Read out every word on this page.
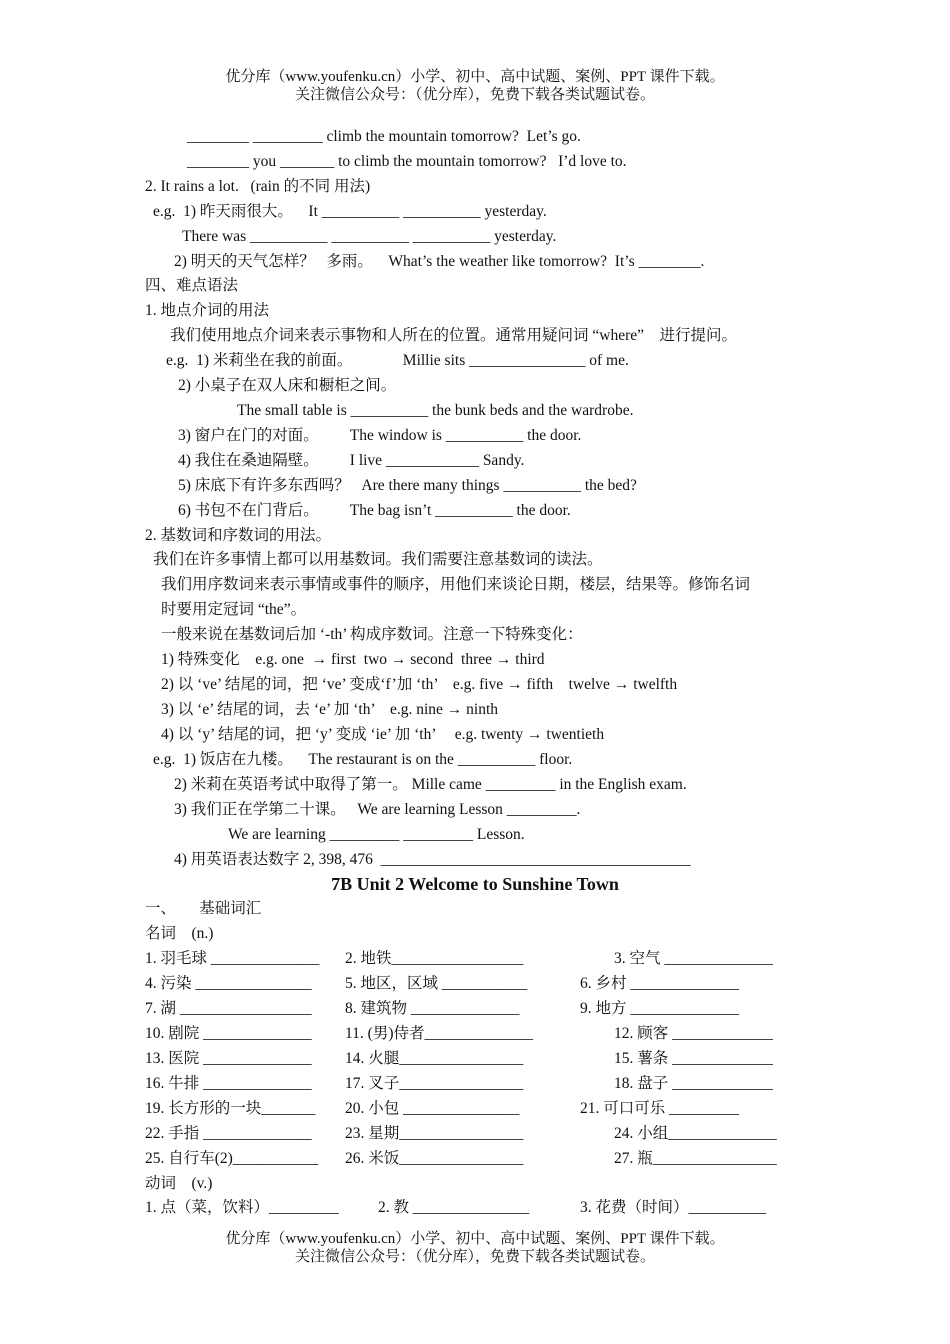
优分库（www.youfenku.cn）小学、初中、高中试题、案例、PPT 课件下载。
关注微信公众号：（优分库），免费下载各类试题试卷。
________ _________ climb the mountain tomorrow?  Let’s go.
________ you _______ to climb the mountain tomorrow?   I’d love to.
2. It rains a lot.   (rain 的不同 用法)
e.g.  1) 昨天雨很大。    It __________ __________ yesterday.
There was __________ __________ __________ yesterday.
2) 明天的天气怎样？   多雨。    What’s the weather like tomorrow?  It’s ________.
四、难点语法
1. 地点介词的用法
我们使用地点介词来表示事物和人所在的位置。通常用疑问词 “where”    进行提问。
e.g.  1) 米莉坐在我的前面。             Millie sits _______________ of me.
2) 小桌子在双人床和橱柜之间。
The small table is __________ the bunk beds and the wardrobe.
3) 窗户在门的对面。        The window is __________ the door.
4) 我住在桑迪隔壁。        I live ____________ Sandy.
5) 床底下有许多东西吗？   Are there many things __________ the bed?
6) 书包不在门背后。        The bag isn’t __________ the door.
2. 基数词和序数词的用法。
我们在许多事情上都可以用基数词。我们需要注意基数词的读法。
我们用序数词来表示事情或事件的顺序，用他们来谈论日期，楼层，结果等。修饰名词
时要用定冠词 “the”。
一般来说在基数词后加 ‘-th’ 构成序数词。注意一下特殊变化：
1) 特殊变化    e.g. one  → first  two → second  three → third
2) 以 ‘ve’ 结尾的词，把 ‘ve’ 变成‘f’加 ‘th’    e.g. five → fifth    twelve → twelfth
3) 以 ‘e’ 结尾的词，去 ‘e’ 加 ‘th’    e.g. nine → ninth
4) 以 ‘y’ 结尾的词，把 ‘y’ 变成 ‘ie’ 加 ‘th’     e.g. twenty → twentieth
e.g.  1) 饭店在九楼。    The restaurant is on the __________ floor.
2) 米莉在英语考试中取得了第一。 Mille came _________ in the English exam.
3) 我们正在学第二十课。   We are learning Lesson _________.
We are learning _________ _________ Lesson.
4) 用英语表达数字 2, 398, 476  ________________________________________
7B Unit 2 Welcome to Sunshine Town
一、      基础词汇
名词    (n.)
1. 羽毛球 ______________ 2. 地铁_________________	3. 空气 ______________
4. 污染 _______________ 5. 地区，区域 ___________	6. 乡村 ______________
7. 湖 _________________ 8. 建筑物 ______________	9. 地方 ______________
10. 剧院 ______________ 11. (男)侍者______________	12. 顾客 _____________
13. 医院 ______________ 14. 火腿________________	15. 薯条 _____________
16. 牛排 ______________ 17. 叉子________________	18. 盘子 _____________
19. 长方形的一块_______ 20. 小包 _______________	21. 可口可乐 _________
22. 手指 ______________ 23. 星期________________	24. 小组______________
25. 自行车(2)___________ 26. 米饭________________	27. 瓶________________
动词    (v.)
1. 点（菜，饮料）_________	2. 教 _______________	3. 花费（时间）__________
优分库（www.youfenku.cn）小学、初中、高中试题、案例、PPT 课件下载。
关注微信公众号：（优分库），免费下载各类试题试卷。
